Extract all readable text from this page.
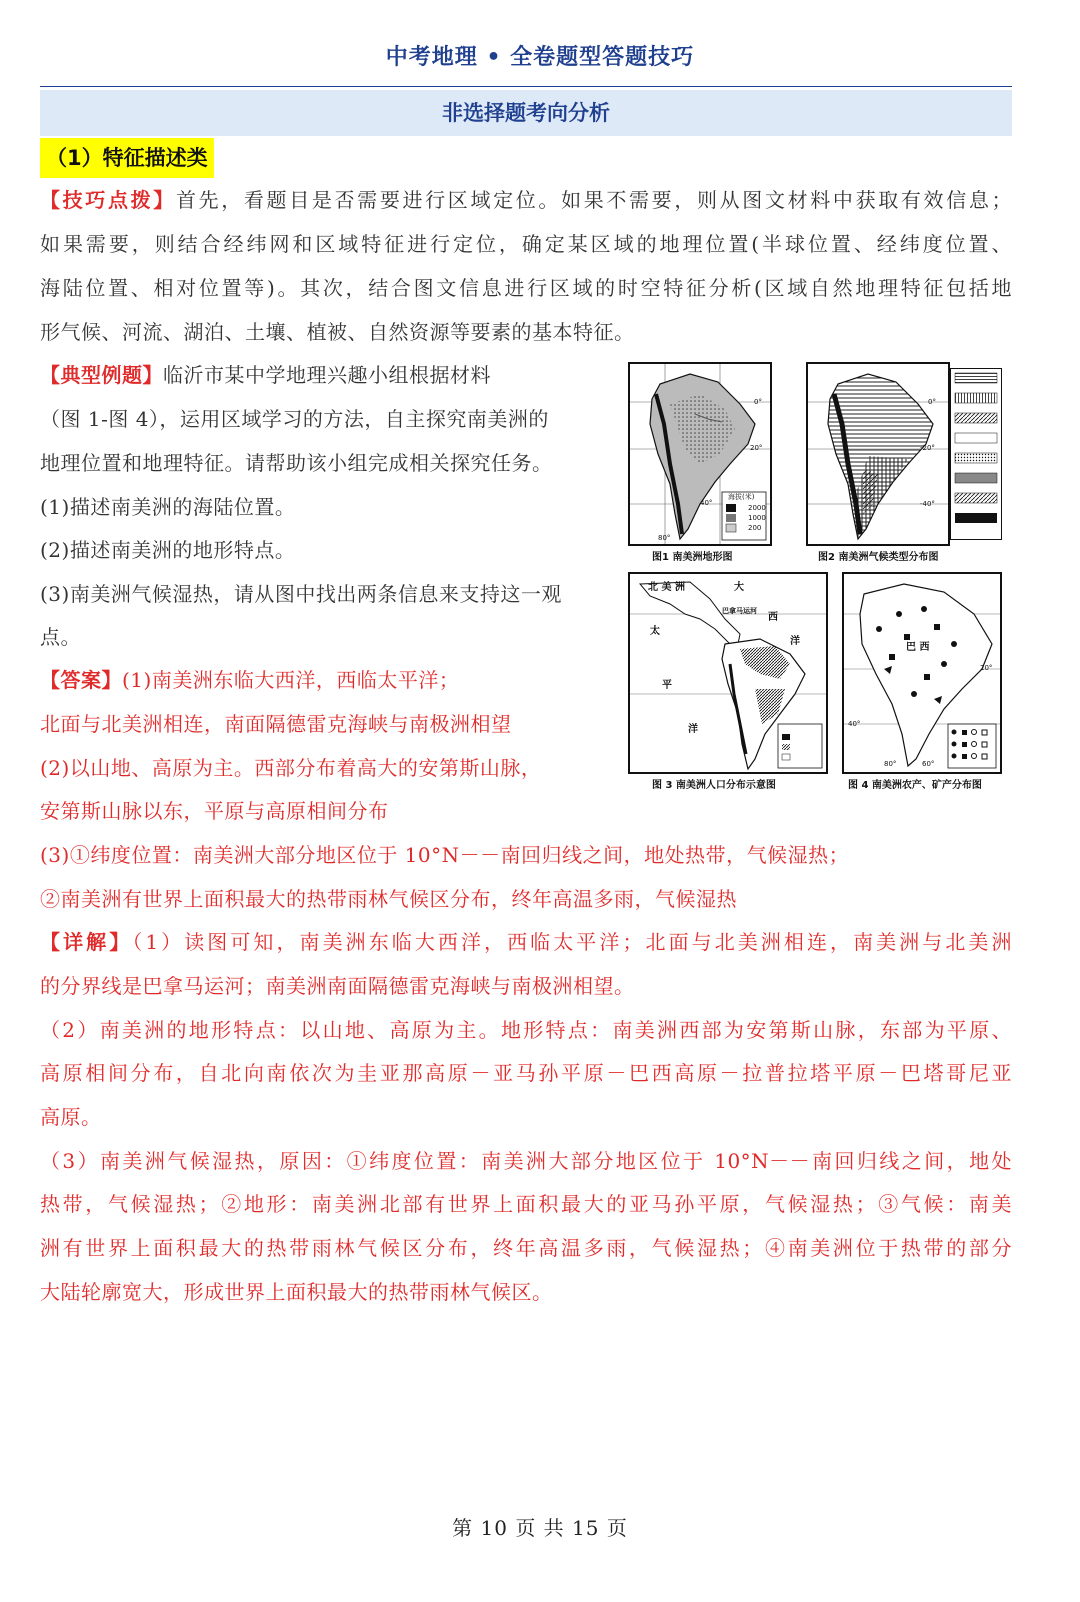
中考地理 • 全卷题型答题技巧
非选择题考向分析
（1）特征描述类
【技巧点拨】首先，看题目是否需要进行区域定位。如果不需要，则从图文材料中获取有效信息；
如果需要，则结合经纬网和区域特征进行定位，确定某区域的地理位置(半球位置、经纬度位置、
海陆位置、相对位置等)。其次，结合图文信息进行区域的时空特征分析(区域自然地理特征包括地
形气候、河流、湖泊、土壤、植被、自然资源等要素的基本特征。
【典型例题】临沂市某中学地理兴趣小组根据材料
（图 1-图 4），运用区域学习的方法，自主探究南美洲的
地理位置和地理特征。请帮助该小组完成相关探究任务。
(1)描述南美洲的海陆位置。
(2)描述南美洲的地形特点。
(3)南美洲气候湿热，请从图中找出两条信息来支持这一观
点。
【答案】(1)南美洲东临大西洋，西临太平洋；
北面与北美洲相连，南面隔德雷克海峡与南极洲相望
(2)以山地、高原为主。西部分布着高大的安第斯山脉，
安第斯山脉以东，平原与高原相间分布
(3)①纬度位置：南美洲大部分地区位于 10°N－－南回归线之间，地处热带，气候湿热；
②南美洲有世界上面积最大的热带雨林气候区分布，终年高温多雨，气候湿热
【详解】（1）读图可知，南美洲东临大西洋，西临太平洋；北面与北美洲相连，南美洲与北美洲
的分界线是巴拿马运河；南美洲南面隔德雷克海峡与南极洲相望。
（2）南美洲的地形特点：以山地、高原为主。地形特点：南美洲西部为安第斯山脉，东部为平原、
高原相间分布，自北向南依次为圭亚那高原－亚马孙平原－巴西高原－拉普拉塔平原－巴塔哥尼亚
高原。
（3）南美洲气候湿热，原因：①纬度位置：南美洲大部分地区位于 10°N－－南回归线之间，地处
热带，气候湿热；②地形：南美洲北部有世界上面积最大的亚马孙平原，气候湿热；③气候：南美
洲有世界上面积最大的热带雨林气候区分布，终年高温多雨，气候湿热；④南美洲位于热带的部分
大陆轮廓宽大，形成世界上面积最大的热带雨林气候区。
海拔(米)
2000
1000
200
0°
20°
40°
80°
图1 南美洲地形图
0°
-20°
-40°
图2 南美洲气候类型分布图
北 美 洲	大
西
洋
太
平
洋
巴拿马运河
图 3 南美洲人口分布示意图
巴 西
20°
40°
80°	60°
图 4 南美洲农产、矿产分布图
第 10 页 共 15 页
